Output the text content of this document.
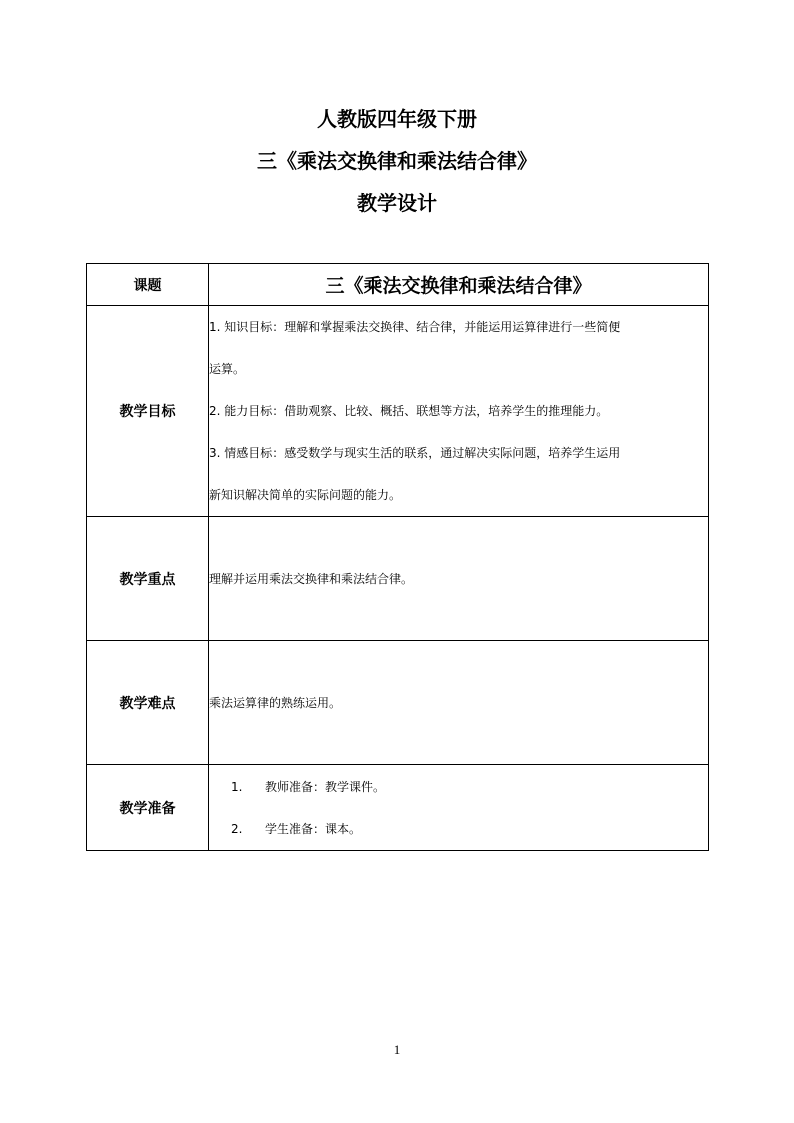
人教版四年级下册
三《乘法交换律和乘法结合律》
教学设计
课题	三《乘法交换律和乘法结合律》
教学目标	1. 知识目标：理解和掌握乘法交换律、结合律，并能运用运算律进行一些简便

运算。

2. 能力目标：借助观察、比较、概括、联想等方法，培养学生的推理能力。

3. 情感目标：感受数学与现实生活的联系，通过解决实际问题，培养学生运用

新知识解决简单的实际问题的能力。

教学重点	理解并运用乘法交换律和乘法结合律。
教学难点	乘法运算律的熟练运用。
教学准备	1. 教师准备：教学课件。
2. 学生准备：课本。
1
